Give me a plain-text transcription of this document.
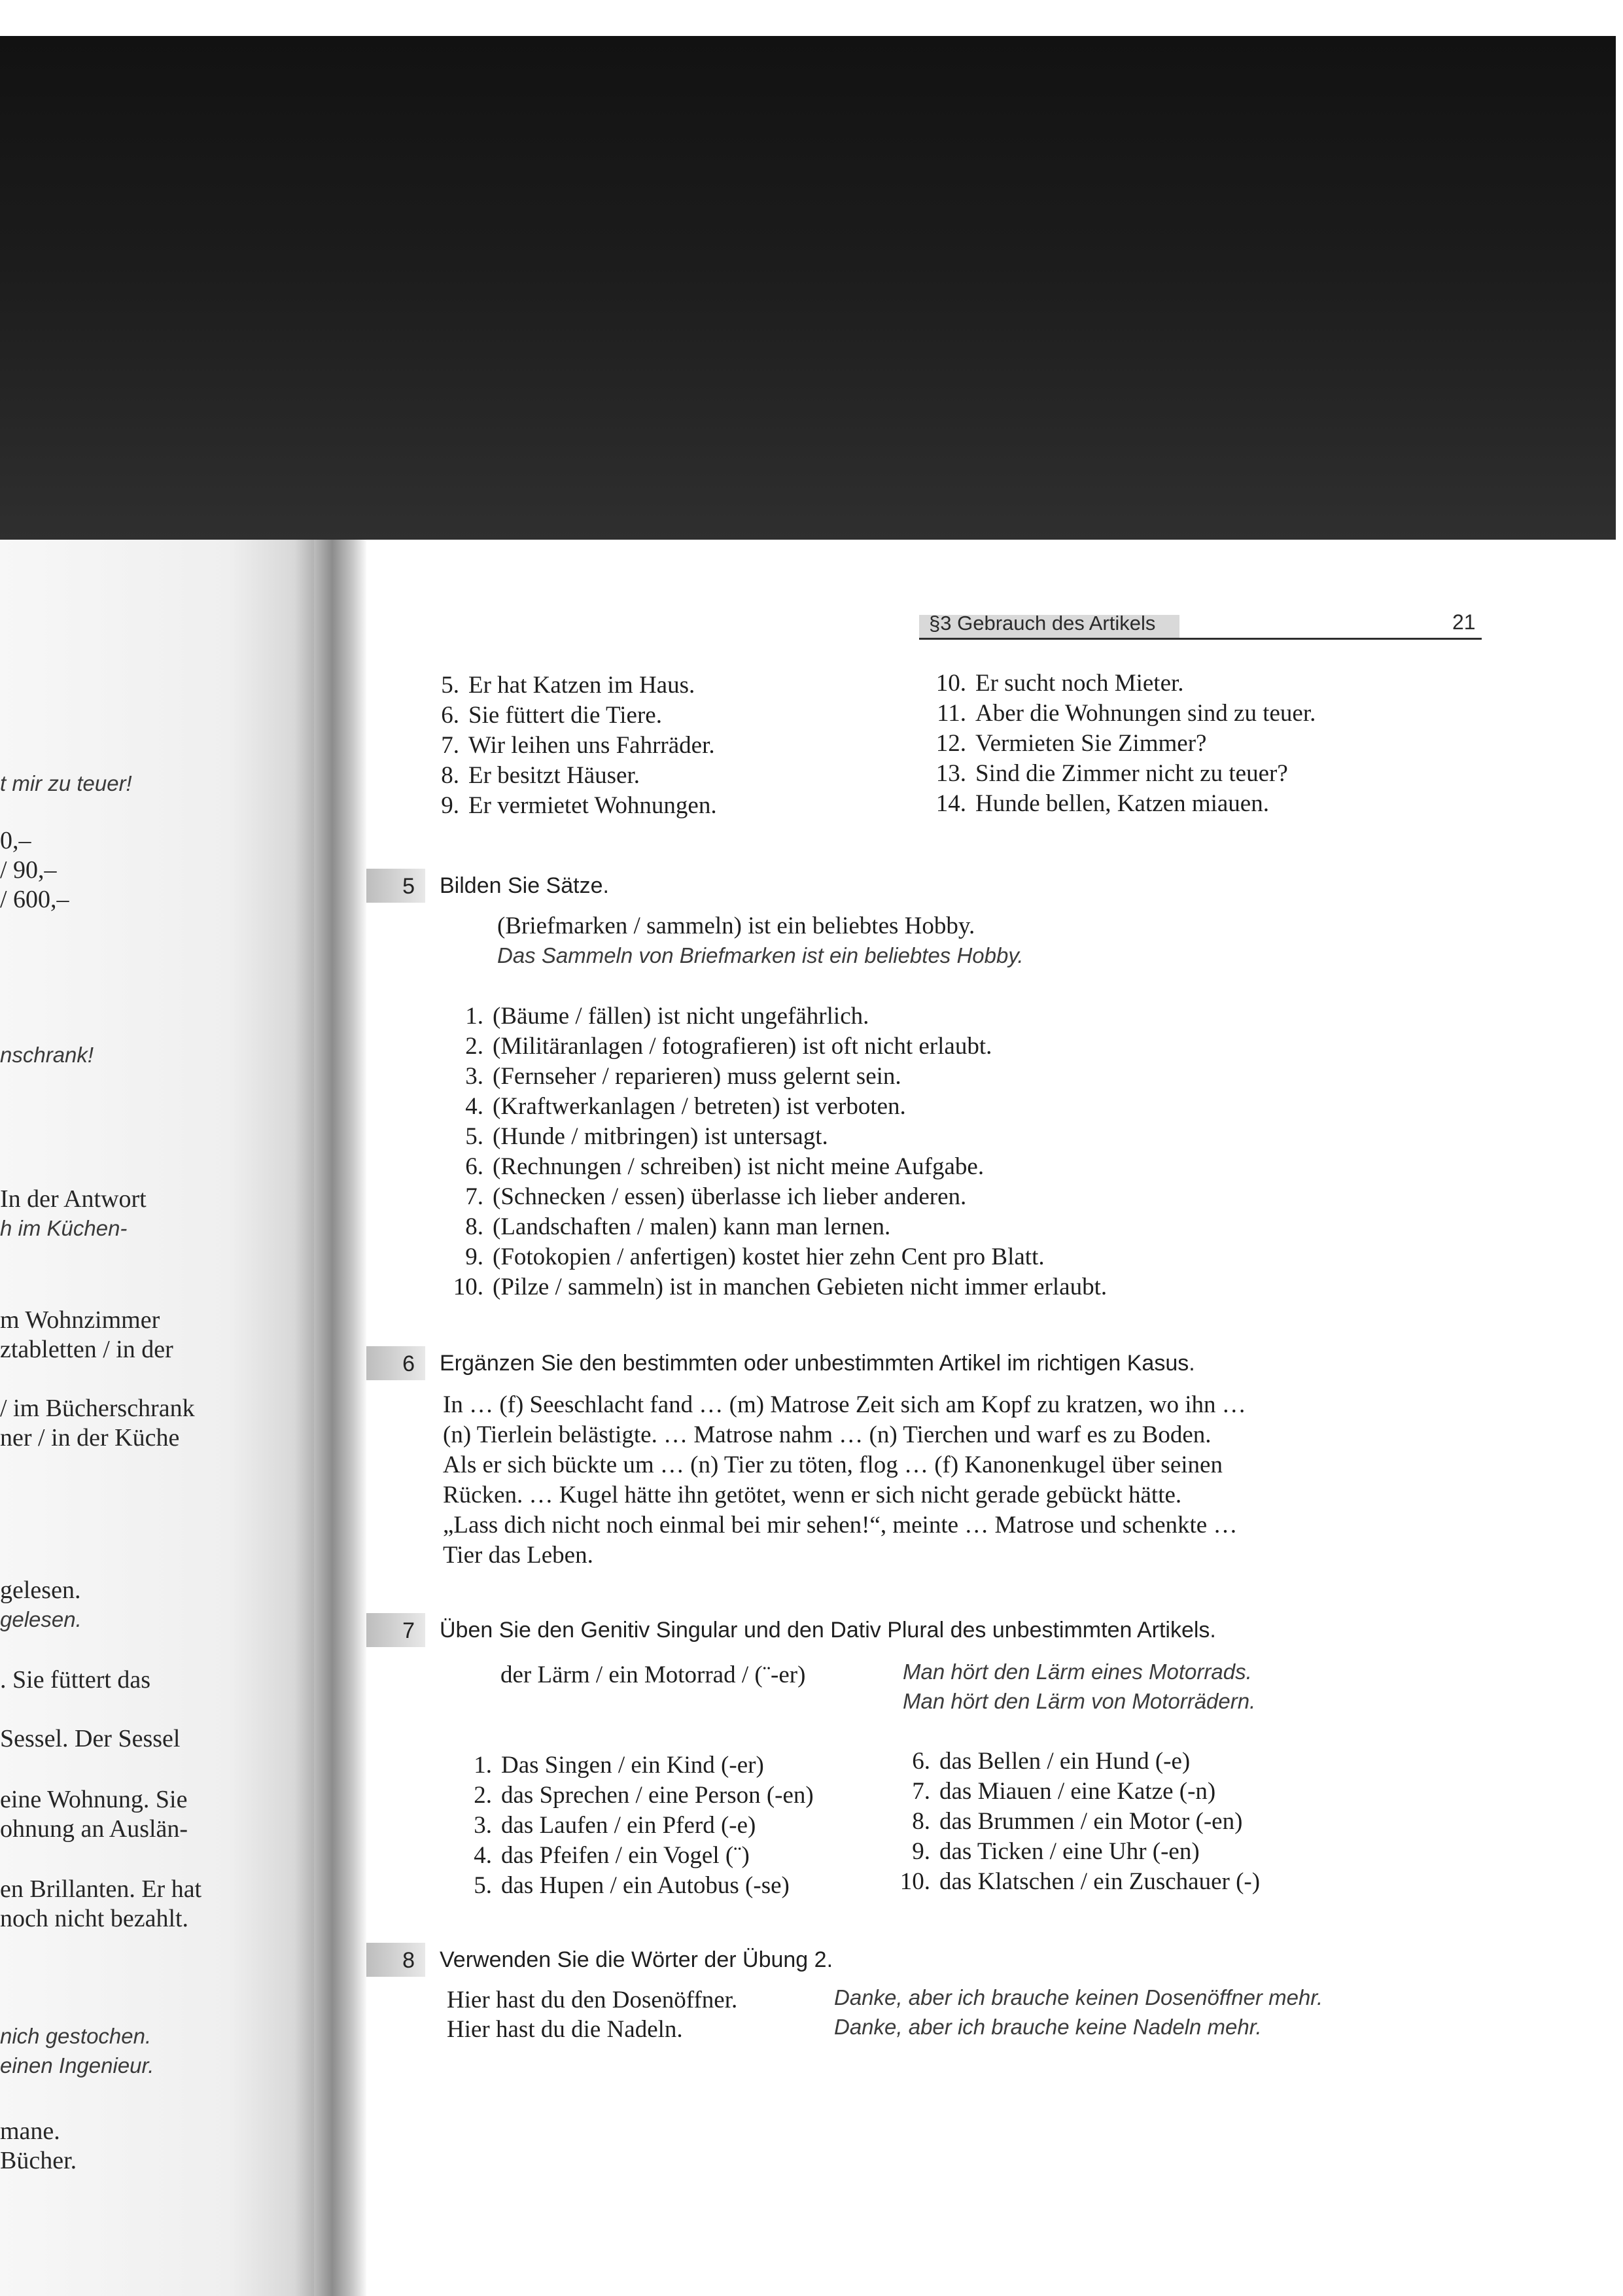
t mir zu teuer!
0,–
/ 90,–
/ 600,–
nschrank!
In der Antwort
h im Küchen-
m Wohnzimmer
ztabletten / in der
/ im Bücherschrank
ner / in der Küche
gelesen.
gelesen.
. Sie füttert das
Sessel. Der Sessel
eine Wohnung. Sie
ohnung an Auslän-
en Brillanten. Er hat
noch nicht bezahlt.
nich gestochen.
einen Ingenieur.
mane.
Bücher.
§3 Gebrauch des Artikels	21
5. Er hat Katzen im Haus.
6. Sie füttert die Tiere.
7. Wir leihen uns Fahrräder.
8. Er besitzt Häuser.
9. Er vermietet Wohnungen.
10. Er sucht noch Mieter.
11. Aber die Wohnungen sind zu teuer.
12. Vermieten Sie Zimmer?
13. Sind die Zimmer nicht zu teuer?
14. Hunde bellen, Katzen miauen.
5 Bilden Sie Sätze.
(Briefmarken / sammeln) ist ein beliebtes Hobby.
Das Sammeln von Briefmarken ist ein beliebtes Hobby.
1. (Bäume / fällen) ist nicht ungefährlich.
2. (Militäranlagen / fotografieren) ist oft nicht erlaubt.
3. (Fernseher / reparieren) muss gelernt sein.
4. (Kraftwerkanlagen / betreten) ist verboten.
5. (Hunde / mitbringen) ist untersagt.
6. (Rechnungen / schreiben) ist nicht meine Aufgabe.
7. (Schnecken / essen) überlasse ich lieber anderen.
8. (Landschaften / malen) kann man lernen.
9. (Fotokopien / anfertigen) kostet hier zehn Cent pro Blatt.
10. (Pilze / sammeln) ist in manchen Gebieten nicht immer erlaubt.
6 Ergänzen Sie den bestimmten oder unbestimmten Artikel im richtigen Kasus.
In … (f) Seeschlacht fand … (m) Matrose Zeit sich am Kopf zu kratzen, wo ihn …
(n) Tierlein belästigte. … Matrose nahm … (n) Tierchen und warf es zu Boden.
Als er sich bückte um … (n) Tier zu töten, flog … (f) Kanonenkugel über seinen
Rücken. … Kugel hätte ihn getötet, wenn er sich nicht gerade gebückt hätte.
„Lass dich nicht noch einmal bei mir sehen!“, meinte … Matrose und schenkte …
Tier das Leben.
7 Üben Sie den Genitiv Singular und den Dativ Plural des unbestimmten Artikels.
der Lärm / ein Motorrad / (¨-er)	Man hört den Lärm eines Motorrads.
Man hört den Lärm von Motorrädern.
1. Das Singen / ein Kind (-er)
2. das Sprechen / eine Person (-en)
3. das Laufen / ein Pferd (-e)
4. das Pfeifen / ein Vogel (¨)
5. das Hupen / ein Autobus (-se)
6. das Bellen / ein Hund (-e)
7. das Miauen / eine Katze (-n)
8. das Brummen / ein Motor (-en)
9. das Ticken / eine Uhr (-en)
10. das Klatschen / ein Zuschauer (-)
8 Verwenden Sie die Wörter der Übung 2.
Hier hast du den Dosenöffner.	Danke, aber ich brauche keinen Dosenöffner mehr.
Hier hast du die Nadeln.	Danke, aber ich brauche keine Nadeln mehr.
